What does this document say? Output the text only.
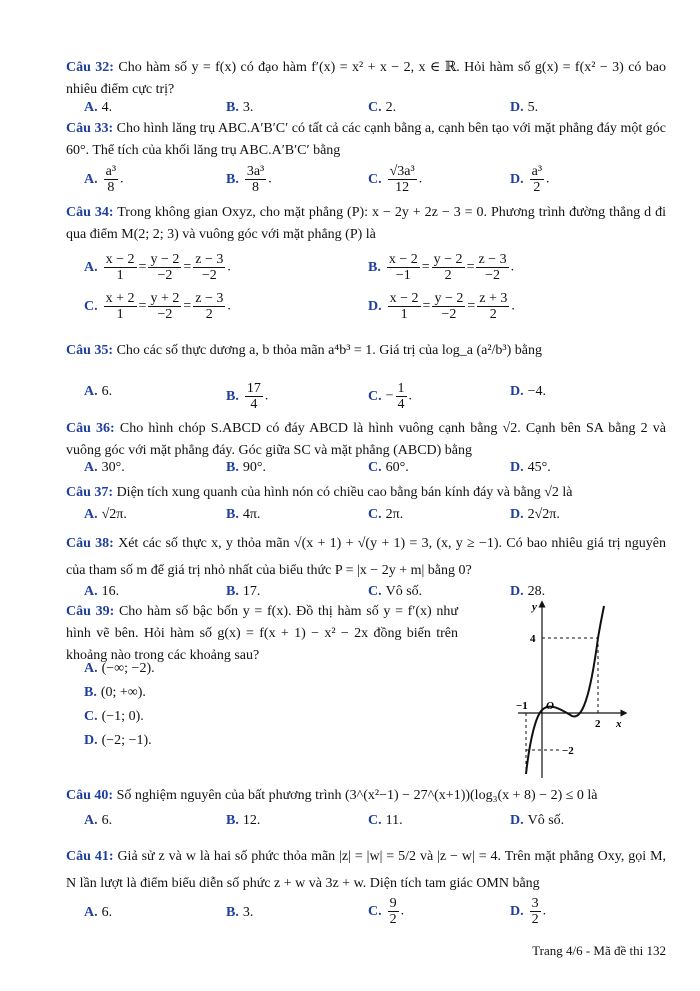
Câu 32: Cho hàm số y = f(x) có đạo hàm f′(x) = x² + x − 2, x ∈ ℝ. Hỏi hàm số g(x) = f(x² − 3) có bao nhiêu điểm cực trị?
A. 4.	B. 3.	C. 2.	D. 5.
Câu 33: Cho hình lăng trụ ABC.A′B′C′ có tất cả các cạnh bằng a, cạnh bên tạo với mặt phẳng đáy một góc 60°. Thể tích của khối lăng trụ ABC.A′B′C′ bằng
A. $\frac{\text{a³}}{8}$ .	B. $\frac{\text{3a³}}{8}$ .	C. $\frac{\text{√3a³}}{12}$ .	D. $\frac{\text{a³}}{2}$ .
Câu 34: Trong không gian Oxyz, cho mặt phẳng (P): x − 2y + 2z − 3 = 0. Phương trình đường thẳng d đi qua điểm M(2; 2; 3) và vuông góc với mặt phẳng (P) là
A. $\frac{x - 2}{1} = \frac{y - 2}{-2} = \frac{z - 3}{-2}$ .	B. $\frac{x - 2}{-1} = \frac{y - 2}{2} = \frac{z - 3}{-2}$ .
C. $\frac{x + 2}{1} = \frac{y + 2}{-2} = \frac{z - 3}{2}$ .	D. $\frac{x - 2}{1} = \frac{y - 2}{-2} = \frac{z + 3}{2}$ .
Câu 35: Cho các số thực dương a, b thỏa mãn a⁴b³ = 1. Giá trị của log_a (a²/b³) bằng
A. 6.	B. $\frac{17}{4}$ .	C. − $\frac{1}{4}$ .	D. −4.
Câu 36: Cho hình chóp S.ABCD có đáy ABCD là hình vuông cạnh bằng √2. Cạnh bên SA bằng 2 và vuông góc với mặt phẳng đáy. Góc giữa SC và mặt phẳng (ABCD) bằng
A. 30°.	B. 90°.	C. 60°.	D. 45°.
Câu 37: Diện tích xung quanh của hình nón có chiều cao bằng bán kính đáy và bằng √2 là
A. √2π.	B. 4π.	C. 2π.	D. 2√2π.
Câu 38: Xét các số thực x, y thỏa mãn √(x + 1) + √(y + 1) = 3, (x, y ≥ −1). Có bao nhiêu giá trị nguyên của tham số m để giá trị nhỏ nhất của biểu thức P = |x − 2y + m| bằng 0?
A. 16.	B. 17.	C. Vô số.	D. 28.
Câu 39: Cho hàm số bậc bốn y = f(x). Đồ thị hàm số y = f′(x) như hình vẽ bên. Hỏi hàm số g(x) = f(x + 1) − x² − 2x đồng biến trên khoảng nào trong các khoảng sau?
A. (−∞; −2).
B. (0; +∞).
C. (−1; 0).
D. (−2; −1).
y
x
O
−1
2
4
−2
Câu 40: Số nghiệm nguyên của bất phương trình (3^(x²−1) − 27^(x+1))(log₃(x + 8) − 2) ≤ 0 là
A. 6.	B. 12.	C. 11.	D. Vô số.
Câu 41: Giả sử z và w là hai số phức thỏa mãn |z| = |w| = 5/2 và |z − w| = 4. Trên mặt phẳng Oxy, gọi M, N lần lượt là điểm biểu diễn số phức z + w và 3z + w. Diện tích tam giác OMN bằng
A. 6.	B. 3.	C. $\frac{9}{2}$ .	D. $\frac{3}{2}$ .
Trang 4/6 - Mã đề thi 132
